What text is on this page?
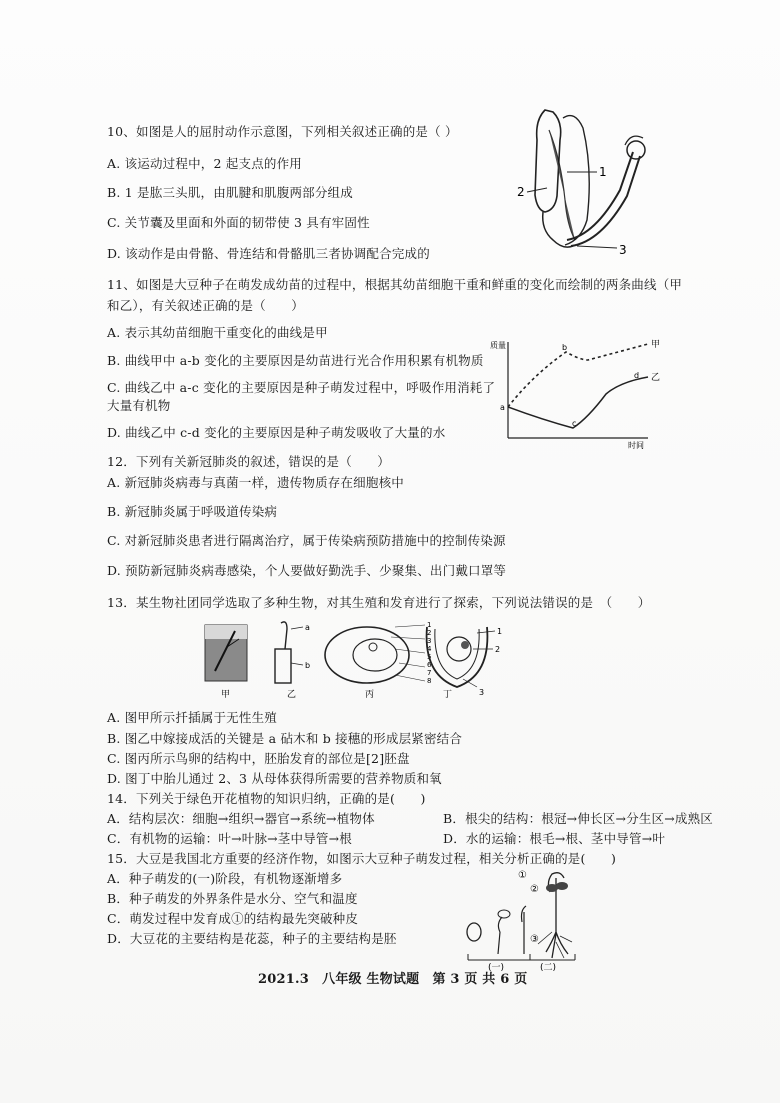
10、如图是人的屈肘动作示意图，下列相关叙述正确的是（ ）
A. 该运动过程中，2 起支点的作用
B. 1 是肱三头肌，由肌腱和肌腹两部分组成
C. 关节囊及里面和外面的韧带使 3 具有牢固性
D. 该动作是由骨骼、骨连结和骨骼肌三者协调配合完成的
1
2
3
11、如图是大豆种子在萌发成幼苗的过程中，根据其幼苗细胞干重和鲜重的变化而绘制的两条曲线（甲
和乙），有关叙述正确的是（　　）
A. 表示其幼苗细胞干重变化的曲线是甲
B. 曲线甲中 a-b 变化的主要原因是幼苗进行光合作用积累有机物质
C. 曲线乙中 a-c 变化的主要原因是种子萌发过程中，呼吸作用消耗了
大量有机物
D. 曲线乙中 c-d 变化的主要原因是种子萌发吸收了大量的水
质量
时间
甲
乙
a
b
c
d
12．下列有关新冠肺炎的叙述，错误的是（　　）
A. 新冠肺炎病毒与真菌一样，遗传物质存在细胞核中
B. 新冠肺炎属于呼吸道传染病
C. 对新冠肺炎患者进行隔离治疗，属于传染病预防措施中的控制传染源
D. 预防新冠肺炎病毒感染，个人要做好勤洗手、少聚集、出门戴口罩等
13．某生物社团同学选取了多种生物，对其生殖和发育进行了探索，下列说法错误的是　（　　）
a
b
1
2
3
4
5
6
7
8
1
2
3
甲	乙	丙	丁
A. 图甲所示扦插属于无性生殖
B. 图乙中嫁接成活的关键是 a 砧木和 b 接穗的形成层紧密结合
C. 图丙所示鸟卵的结构中，胚胎发育的部位是[2]胚盘
D. 图丁中胎儿通过 2、3 从母体获得所需要的营养物质和氧
14．下列关于绿色开花植物的知识归纳，正确的是(　　)
A．结构层次：细胞→组织→器官→系统→植物体	B．根尖的结构：根冠→伸长区→分生区→成熟区
C．有机物的运输：叶→叶脉→茎中导管→根	D．水的运输：根毛→根、茎中导管→叶
15．大豆是我国北方重要的经济作物，如图示大豆种子萌发过程，相关分析正确的是(　　)
A．种子萌发的(一)阶段，有机物逐渐增多
B．种子萌发的外界条件是水分、空气和温度
C．萌发过程中发育成①的结构最先突破种皮
D．大豆花的主要结构是花蕊，种子的主要结构是胚
①
②
③
(一)	(二)
2021.3　八年级 生物试题　第 3 页 共 6 页
